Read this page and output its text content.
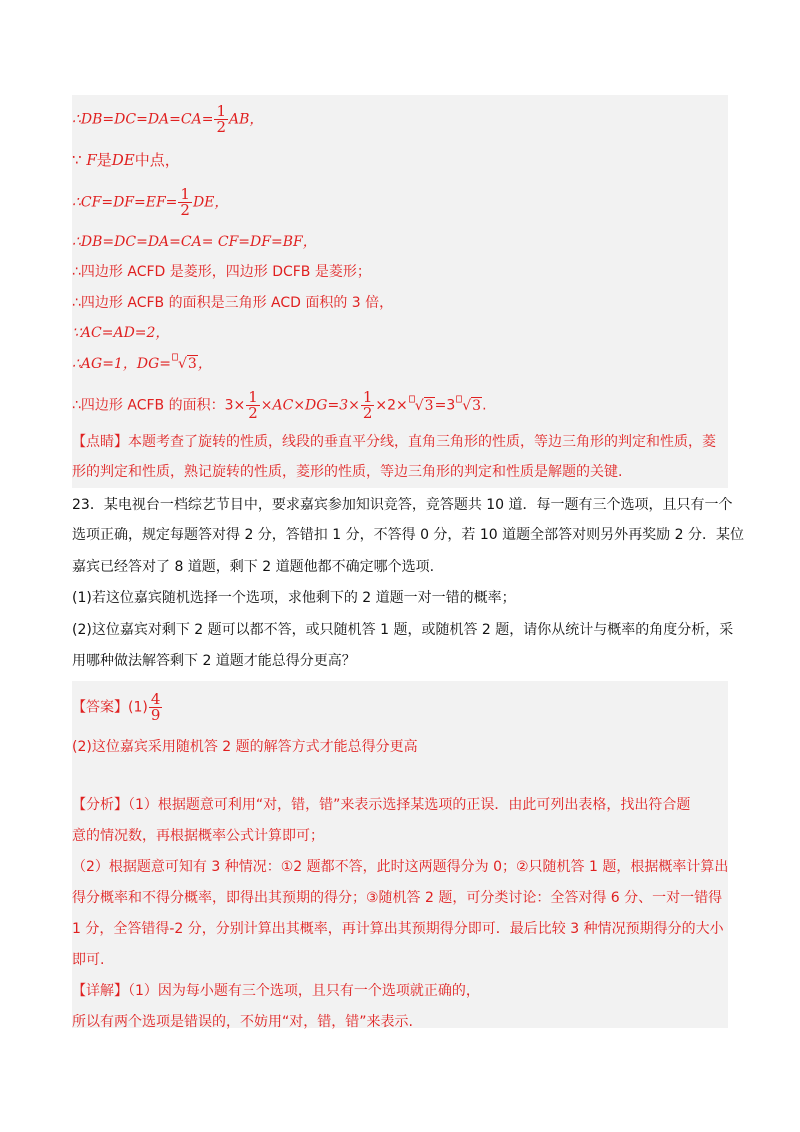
∴DB=DC=DA=CA= $\frac{1}{2}$ AB，
∵ F是DE中点，
∴CF=DF=EF= $\frac{1}{2}$ DE，
∴DB=DC=DA=CA= CF=DF=BF，
∴四边形 ACFD 是菱形，四边形 DCFB 是菱形；
∴四边形 ACFB 的面积是三角形 ACD 面积的 3 倍，
∵AC=AD=2，
∴AG=1，DG= √3，
∴四边形 ACFB 的面积：$3\times \frac{1}{2} \times AC\times DG=3\times \frac{1}{2} \times 2\times √3=3$ √3.
【点睛】本题考查了旋转的性质，线段的垂直平分线，直角三角形的性质，等边三角形的判定和性质，菱
形的判定和性质，熟记旋转的性质，菱形的性质，等边三角形的判定和性质是解题的关键.
23．某电视台一档综艺节目中，要求嘉宾参加知识竞答，竞答题共 10 道．每一题有三个选项，且只有一个
选项正确，规定每题答对得 2 分，答错扣 1 分，不答得 0 分，若 10 道题全部答对则另外再奖励 2 分．某位
嘉宾已经答对了 8 道题，剩下 2 道题他都不确定哪个选项.
(1)若这位嘉宾随机选择一个选项，求他剩下的 2 道题一对一错的概率；
(2)这位嘉宾对剩下 2 题可以都不答，或只随机答 1 题，或随机答 2 题，请你从统计与概率的角度分析，采
用哪种做法解答剩下 2 道题才能总得分更高？
【答案】$(1) \frac{4}{9}$
(2)这位嘉宾采用随机答 2 题的解答方式才能总得分更高
【分析】（1）根据题意可利用“对，错，错”来表示选择某选项的正误．由此可列出表格，找出符合题
意的情况数，再根据概率公式计算即可；
（2）根据题意可知有 3 种情况：①2 题都不答，此时这两题得分为 0；②只随机答 1 题，根据概率计算出
得分概率和不得分概率，即得出其预期的得分；③随机答 2 题，可分类讨论：全答对得 6 分、一对一错得
1 分，全答错得-2 分，分别计算出其概率，再计算出其预期得分即可．最后比较 3 种情况预期得分的大小
即可.
【详解】（1）因为每小题有三个选项，且只有一个选项就正确的，
所以有两个选项是错误的，不妨用“对，错，错”来表示.
